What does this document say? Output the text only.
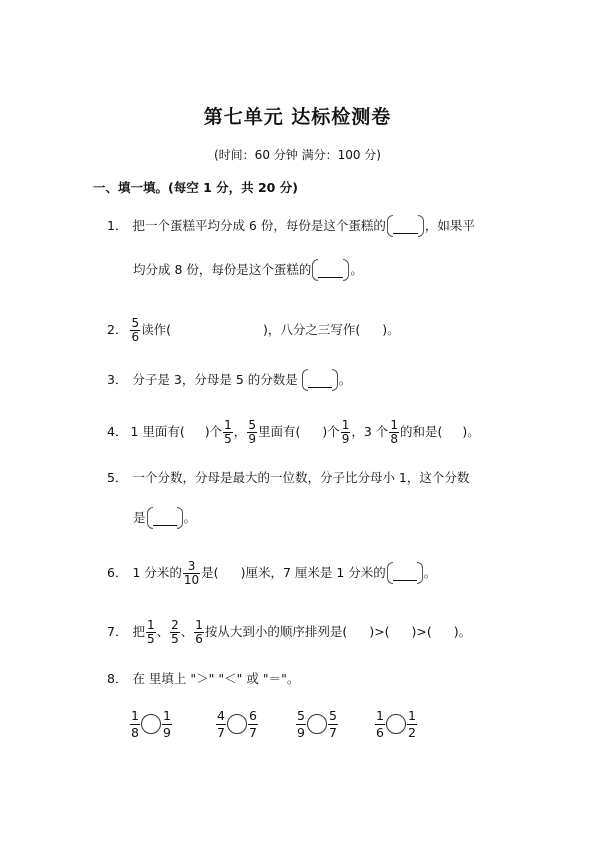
第七单元 达标检测卷
(时间：60 分钟 满分：100 分)
一、填一填。(每空 1 分，共 20 分)
1． 把一个蛋糕平均分成 6 份，每份是这个蛋糕的	，如果平
均分成 8 份，每份是这个蛋糕的	。
2． $\frac{5}{6}$ 读作(	)，八分之三写作( )。
3． 分子是 3，分母是 5 的分数是	。
4． 1 里面有( )个 $\frac{1}{5}$ ， $\frac{5}{9}$ 里面有( )个 $\frac{1}{9}$ ，3 个 $\frac{1}{8}$ 的和是( )。
5． 一个分数，分母是最大的一位数，分子比分母小 1，这个分数
是	。
6． 1 分米的 $\frac{3}{10}$ 是( )厘米，7 厘米是 1 分米的	。
7． 把 $\frac{1}{5}$ 、 $\frac{2}{5}$ 、 $\frac{1}{6}$ 按从大到小的顺序排列是( )>( )>( )。
8． 在 里填上 "＞" "＜" 或 "＝"。
$\frac{1}{8} \frac{1}{9}$	$\frac{4}{7} \frac{6}{7}$	$\frac{5}{9} \frac{5}{7}$	$\frac{1}{6} \frac{1}{2}$
